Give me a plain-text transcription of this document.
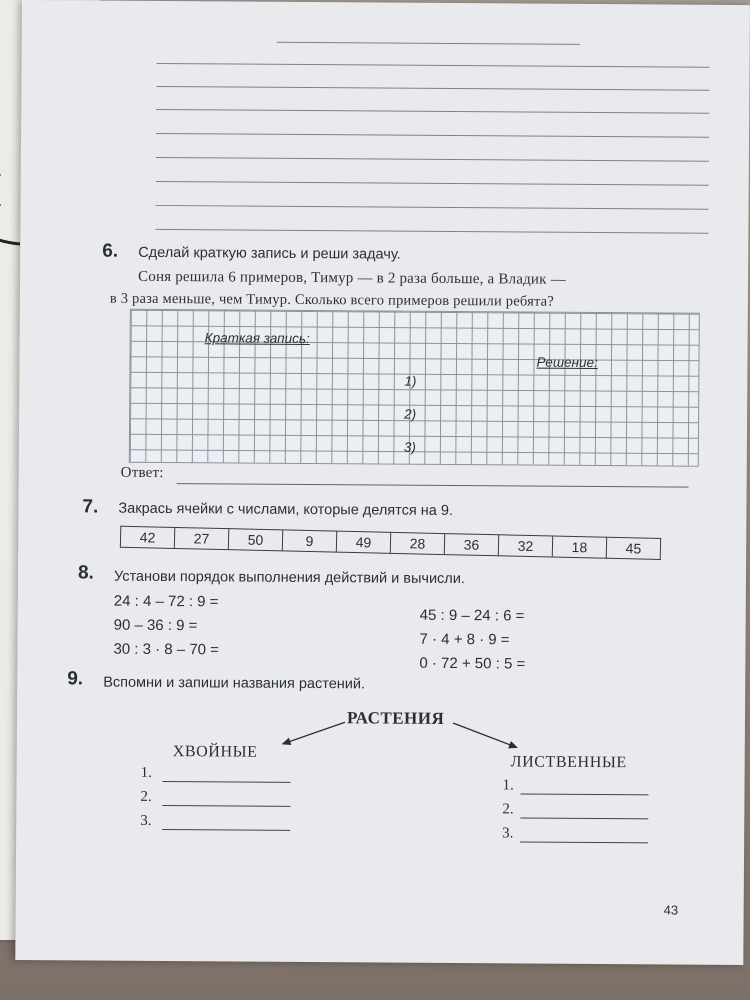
6. Сделай краткую запись и реши задачу.
Соня решила 6 примеров, Тимур — в 2 раза больше, а Владик —
в 3 раза меньше, чем Тимур. Сколько всего примеров решили ребята?
Краткая запись:
Решение:
1)
2)
3)
Ответ:
7. Закрась ячейки с числами, которые делятся на 9.
42	27	50	9	49	28	36	32	18	45
8. Установи порядок выполнения действий и вычисли.
24 : 4 – 72 : 9 =
90 – 36 : 9 =
30 : 3 · 8 – 70 =
45 : 9 – 24 : 6 =
7 · 4 + 8 · 9 =
0 · 72 + 50 : 5 =
9. Вспомни и запиши названия растений.
РАСТЕНИЯ
ХВОЙНЫЕ
ЛИСТВЕННЫЕ
1.
2.
3.
1.
2.
3.
43
